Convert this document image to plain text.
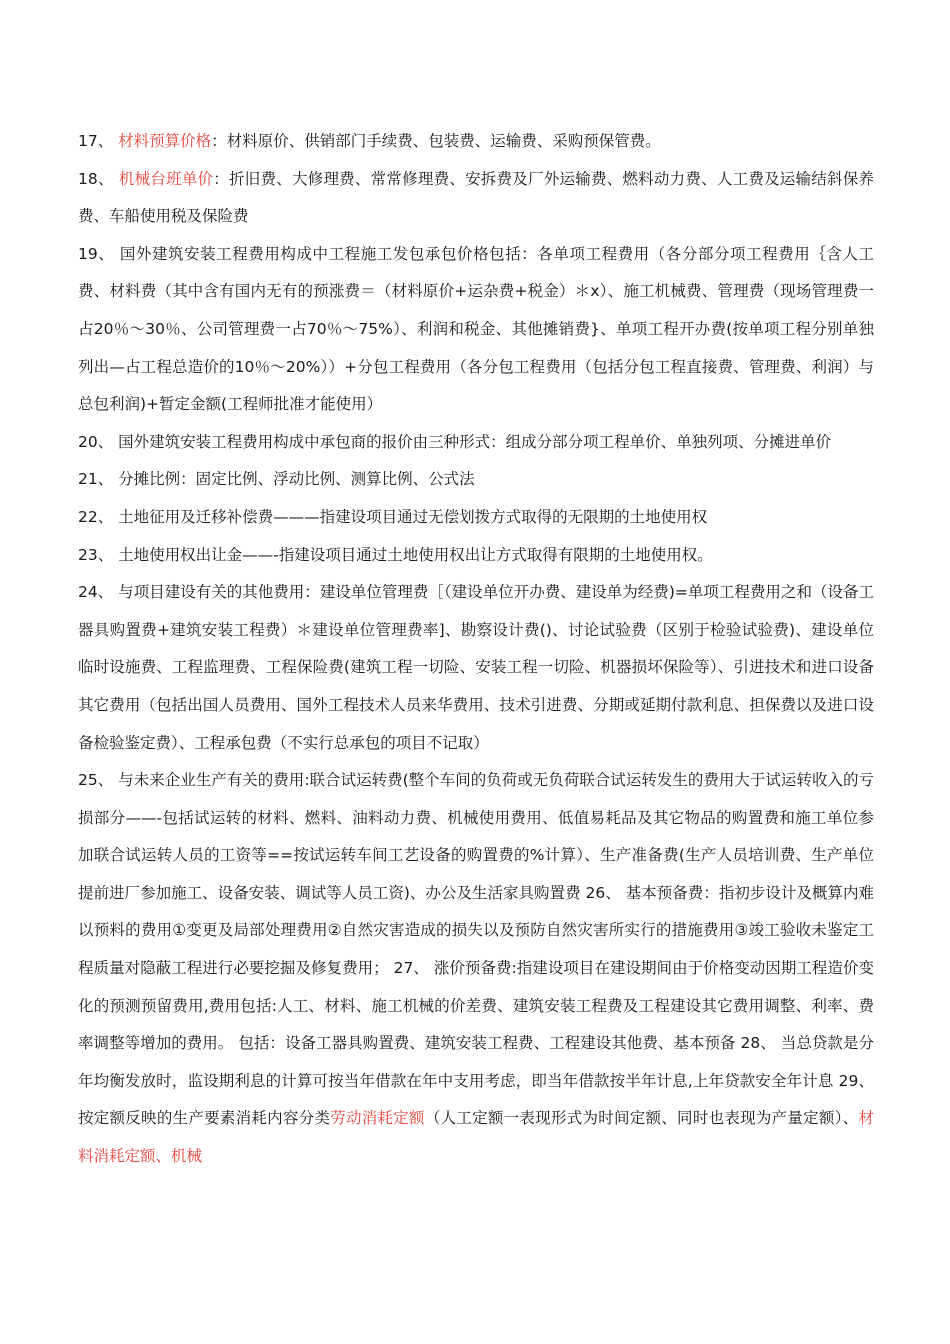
17、 材料预算价格：材料原价、供销部门手续费、包装费、运输费、采购预保管费。

18、 机械台班单价：折旧费、大修理费、常常修理费、安拆费及厂外运输费、燃料动力费、人工费及运输结斜保养费、车船使用税及保险费

19、 国外建筑安装工程费用构成中工程施工发包承包价格包括：各单项工程费用（各分部分项工程费用｛含人工费、材料费（其中含有国内无有的预涨费＝（材料原价+运杂费+税金）＊x）、施工机械费、管理费（现场管理费一占20％～30％、公司管理费一占70％～75%）、利润和税金、其他摊销费}、单项工程开办费(按单项工程分别单独列出—占工程总造价的10％～20%））+分包工程费用（各分包工程费用（包括分包工程直接费、管理费、利润）与总包利润)+暂定金额(工程师批准才能使用）

20、 国外建筑安装工程费用构成中承包商的报价由三种形式：组成分部分项工程单价、单独列项、分摊进单价

21、 分摊比例：固定比例、浮动比例、测算比例、公式法

22、 土地征用及迁移补偿费———指建设项目通过无偿划拨方式取得的无限期的土地使用权

23、 土地使用权出让金——-指建设项目通过土地使用权出让方式取得有限期的土地使用权。

24、 与项目建设有关的其他费用：建设单位管理费［（建设单位开办费、建设单为经费)=单项工程费用之和（设备工器具购置费+建筑安装工程费）＊建设单位管理费率]、勘察设计费()、讨论试验费（区别于检验试验费)、建设单位临时设施费、工程监理费、工程保险费(建筑工程一切险、安装工程一切险、机器损坏保险等）、引进技术和进口设备其它费用（包括出国人员费用、国外工程技术人员来华费用、技术引进费、分期或延期付款利息、担保费以及进口设备检验鉴定费）、工程承包费（不实行总承包的项目不记取）

25、 与未来企业生产有关的费用:联合试运转费(整个车间的负荷或无负荷联合试运转发生的费用大于试运转收入的亏损部分——-包括试运转的材料、燃料、油料动力费、机械使用费用、低值易耗品及其它物品的购置费和施工单位参加联合试运转人员的工资等==按试运转车间工艺设备的购置费的%计算）、生产准备费(生产人员培训费、生产单位提前进厂参加施工、设备安装、调试等人员工资)、办公及生活家具购置费 26、 基本预备费：指初步设计及概算内难以预料的费用①变更及局部处理费用②自然灾害造成的损失以及预防自然灾害所实行的措施费用③竣工验收未鉴定工程质量对隐蔽工程进行必要挖掘及修复费用； 27、 涨价预备费:指建设项目在建设期间由于价格变动因期工程造价变化的预测预留费用,费用包括:人工、材料、施工机械的价差费、建筑安装工程费及工程建设其它费用调整、利率、费率调整等增加的费用。 包括：设备工器具购置费、建筑安装工程费、工程建设其他费、基本预备 28、 当总贷款是分年均衡发放时，监设期利息的计算可按当年借款在年中支用考虑，即当年借款按半年计息,上年贷款安全年计息 29、 按定额反映的生产要素消耗内容分类劳动消耗定额（人工定额一表现形式为时间定额、同时也表现为产量定额）、材料消耗定额、机械
